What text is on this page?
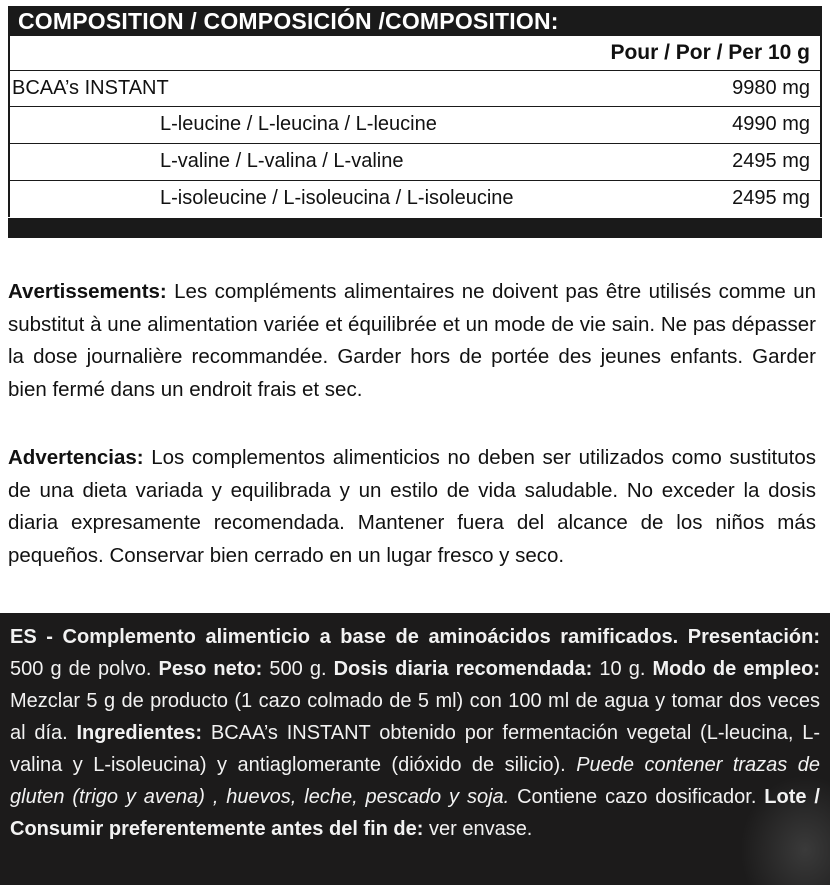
COMPOSITION / COMPOSICIÓN /COMPOSITION:
Pour / Por / Per 10 g
BCAA’s INSTANT	9980 mg
L-leucine / L-leucina / L-leucine	4990 mg
L-valine / L-valina / L-valine	2495 mg
L-isoleucine / L-isoleucina / L-isoleucine	2495 mg

Avertissements: Les compléments alimentaires ne doivent pas être utilisés comme un substitut à une alimentation variée et équilibrée et un mode de vie sain. Ne pas dépasser la dose journalière recommandée. Garder hors de portée des jeunes enfants. Garder bien fermé dans un endroit frais et sec.

Advertencias: Los complementos alimenticios no deben ser utilizados como sustitutos de una dieta variada y equilibrada y un estilo de vida saludable. No exceder la dosis diaria expresamente recomendada. Mantener fuera del alcance de los niños más pequeños. Conservar bien cerrado en un lugar fresco y seco.

ES - Complemento alimenticio a base de aminoácidos ramificados. Presentación: 500 g de polvo. Peso neto: 500 g. Dosis diaria recomendada: 10 g. Modo de empleo: Mezclar 5 g de producto (1 cazo colmado de 5 ml) con 100 ml de agua y tomar dos veces al día. Ingredientes: BCAA’s INSTANT obtenido por fermentación vegetal (L-leucina, L-valina y L-isoleucina) y antiaglomerante (dióxido de silicio). Puede contener trazas de gluten (trigo y avena) , huevos, leche, pescado y soja. Contiene cazo dosificador. Lote / Consumir preferentemente antes del fin de: ver envase.
